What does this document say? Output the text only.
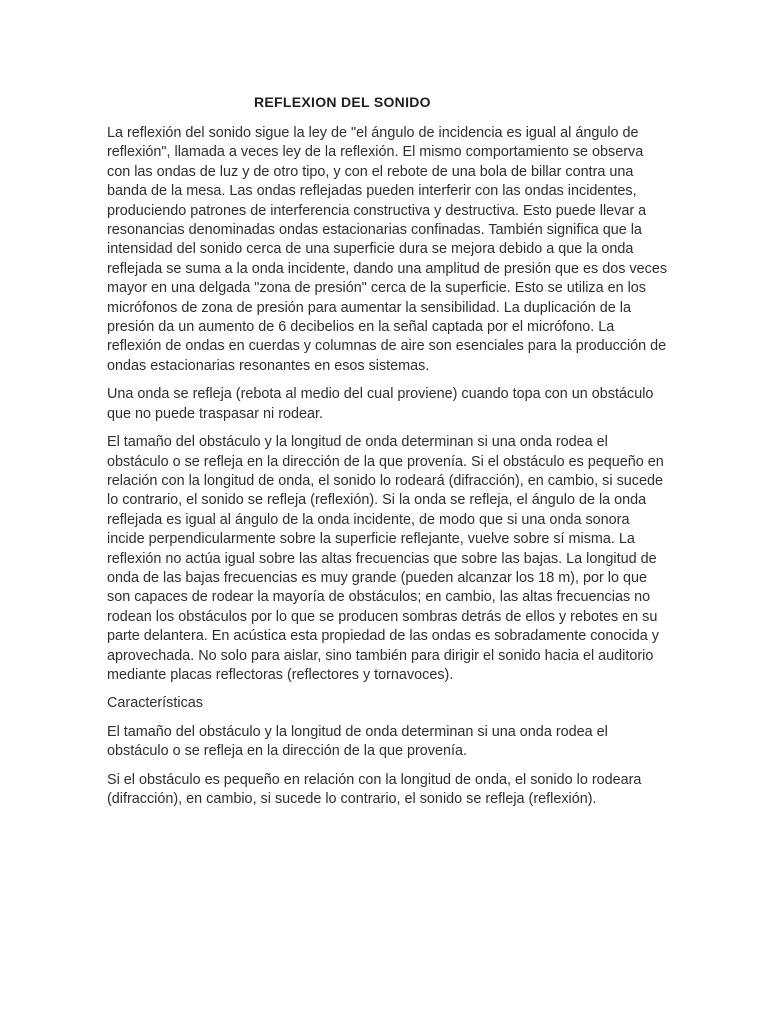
REFLEXION DEL SONIDO

La reflexión del sonido sigue la ley de "el ángulo de incidencia es igual al ángulo de reflexión", llamada a veces ley de la reflexión. El mismo comportamiento se observa con las ondas de luz y de otro tipo, y con el rebote de una bola de billar contra una banda de la mesa. Las ondas reflejadas pueden interferir con las ondas incidentes, produciendo patrones de interferencia constructiva y destructiva. Esto puede llevar a resonancias denominadas ondas estacionarias confinadas. También significa que la intensidad del sonido cerca de una superficie dura se mejora debido a que la onda reflejada se suma a la onda incidente, dando una amplitud de presión que es dos veces mayor en una delgada "zona de presión" cerca de la superficie. Esto se utiliza en los micrófonos de zona de presión para aumentar la sensibilidad. La duplicación de la presión da un aumento de 6 decibelios en la señal captada por el micrófono. La reflexión de ondas en cuerdas y columnas de aire son esenciales para la producción de ondas estacionarias resonantes en esos sistemas.

Una onda se refleja (rebota al medio del cual proviene) cuando topa con un obstáculo que no puede traspasar ni rodear.

El tamaño del obstáculo y la longitud de onda determinan si una onda rodea el obstáculo o se refleja en la dirección de la que provenía. Si el obstáculo es pequeño en relación con la longitud de onda, el sonido lo rodeará (difracción), en cambio, si sucede lo contrario, el sonido se refleja (reflexión). Si la onda se refleja, el ángulo de la onda reflejada es igual al ángulo de la onda incidente, de modo que si una onda sonora incide perpendicularmente sobre la superficie reflejante, vuelve sobre sí misma. La reflexión no actúa igual sobre las altas frecuencias que sobre las bajas. La longitud de onda de las bajas frecuencias es muy grande (pueden alcanzar los 18 m), por lo que son capaces de rodear la mayoría de obstáculos; en cambio, las altas frecuencias no rodean los obstáculos por lo que se producen sombras detrás de ellos y rebotes en su parte delantera. En acústica esta propiedad de las ondas es sobradamente conocida y aprovechada. No solo para aislar, sino también para dirigir el sonido hacia el auditorio mediante placas reflectoras (reflectores y tornavoces).

Características

El tamaño del obstáculo y la longitud de onda determinan si una onda rodea el obstáculo o se refleja en la dirección de la que provenía.

Si el obstáculo es pequeño en relación con la longitud de onda, el sonido lo rodeara (difracción), en cambio, si sucede lo contrario, el sonido se refleja (reflexión).
